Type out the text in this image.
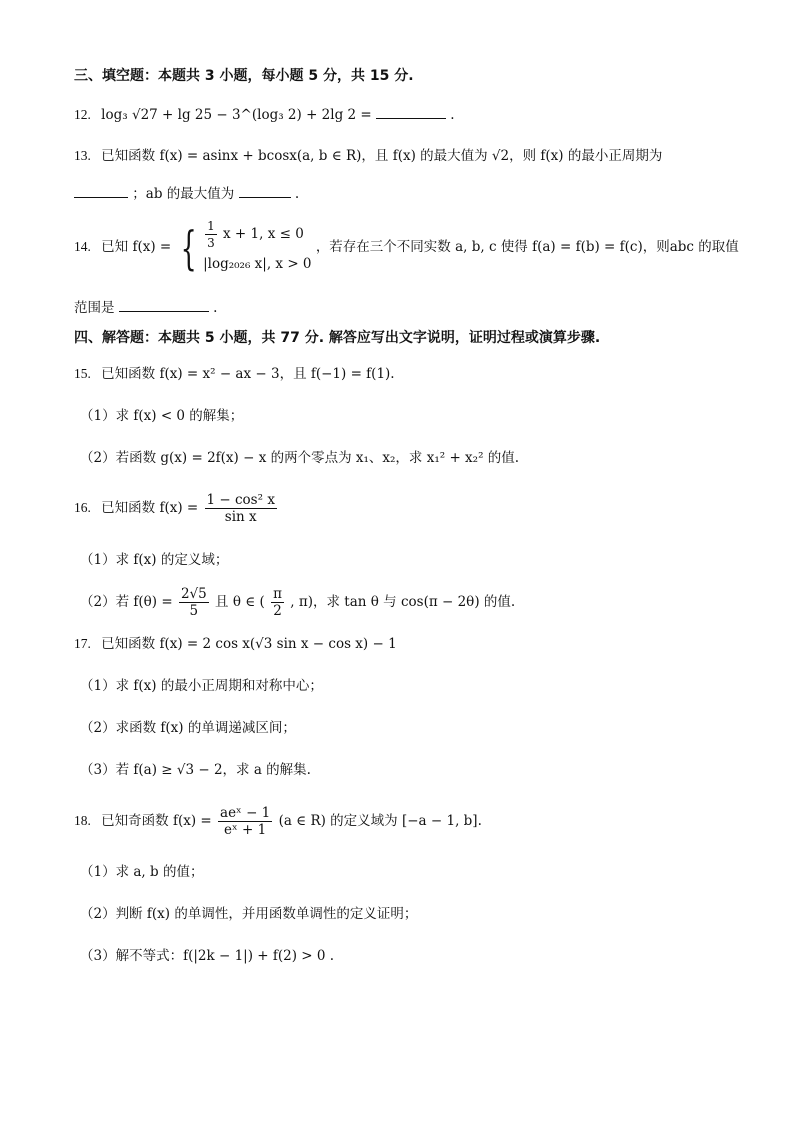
三、填空题：本题共 3 小题，每小题 5 分，共 15 分.
12. log₃ √27 + lg 25 − 3^(log₃ 2) + 2lg 2 =	.
13. 已知函数 f(x) = asinx + bcosx(a, b ∈ R)，且 f(x) 的最大值为 √2，则 f(x) 的最小正周期为
；ab 的最大值为	.
14. 已知 f(x) = { $\frac{1}{3}$ x + 1, x ≤ 0
|log₂₀₂₆ x|, x > 0
，若存在三个不同实数 a, b, c 使得 f(a) = f(b) = f(c)，则abc 的取值
范围是	.
四、解答题：本题共 5 小题，共 77 分. 解答应写出文字说明，证明过程或演算步骤.
15. 已知函数 f(x) = x² − ax − 3，且 f(−1) = f(1).
（1）求 f(x) < 0 的解集；
（2）若函数 g(x) = 2f(x) − x 的两个零点为 x₁、x₂，求 x₁² + x₂² 的值.
16. 已知函数 $f(x) = \frac{\text{1 − cos² x}}{\text{sin x}}$
（1）求 f(x) 的定义域；
（2）若 $f(\theta) = \frac{2√5}{5}$ 且 θ ∈ ( $\frac{\pi}{2}$ , π)，求 tan θ 与 cos(π − 2θ) 的值.
17. 已知函数 f(x) = 2 cos x(√3 sin x − cos x) − 1
（1）求 f(x) 的最小正周期和对称中心；
（2）求函数 f(x) 的单调递减区间；
（3）若 f(a) ≥ √3 − 2，求 a 的解集.
18. 已知奇函数 $f(x) = \frac{\text{aeˣ − 1}}{\text{eˣ + 1}} (a$ ∈ R) 的定义域为 [−a − 1, b].
（1）求 a, b 的值；
（2）判断 f(x) 的单调性，并用函数单调性的定义证明；
（3）解不等式：f(|2k − 1|) + f(2) > 0 .
